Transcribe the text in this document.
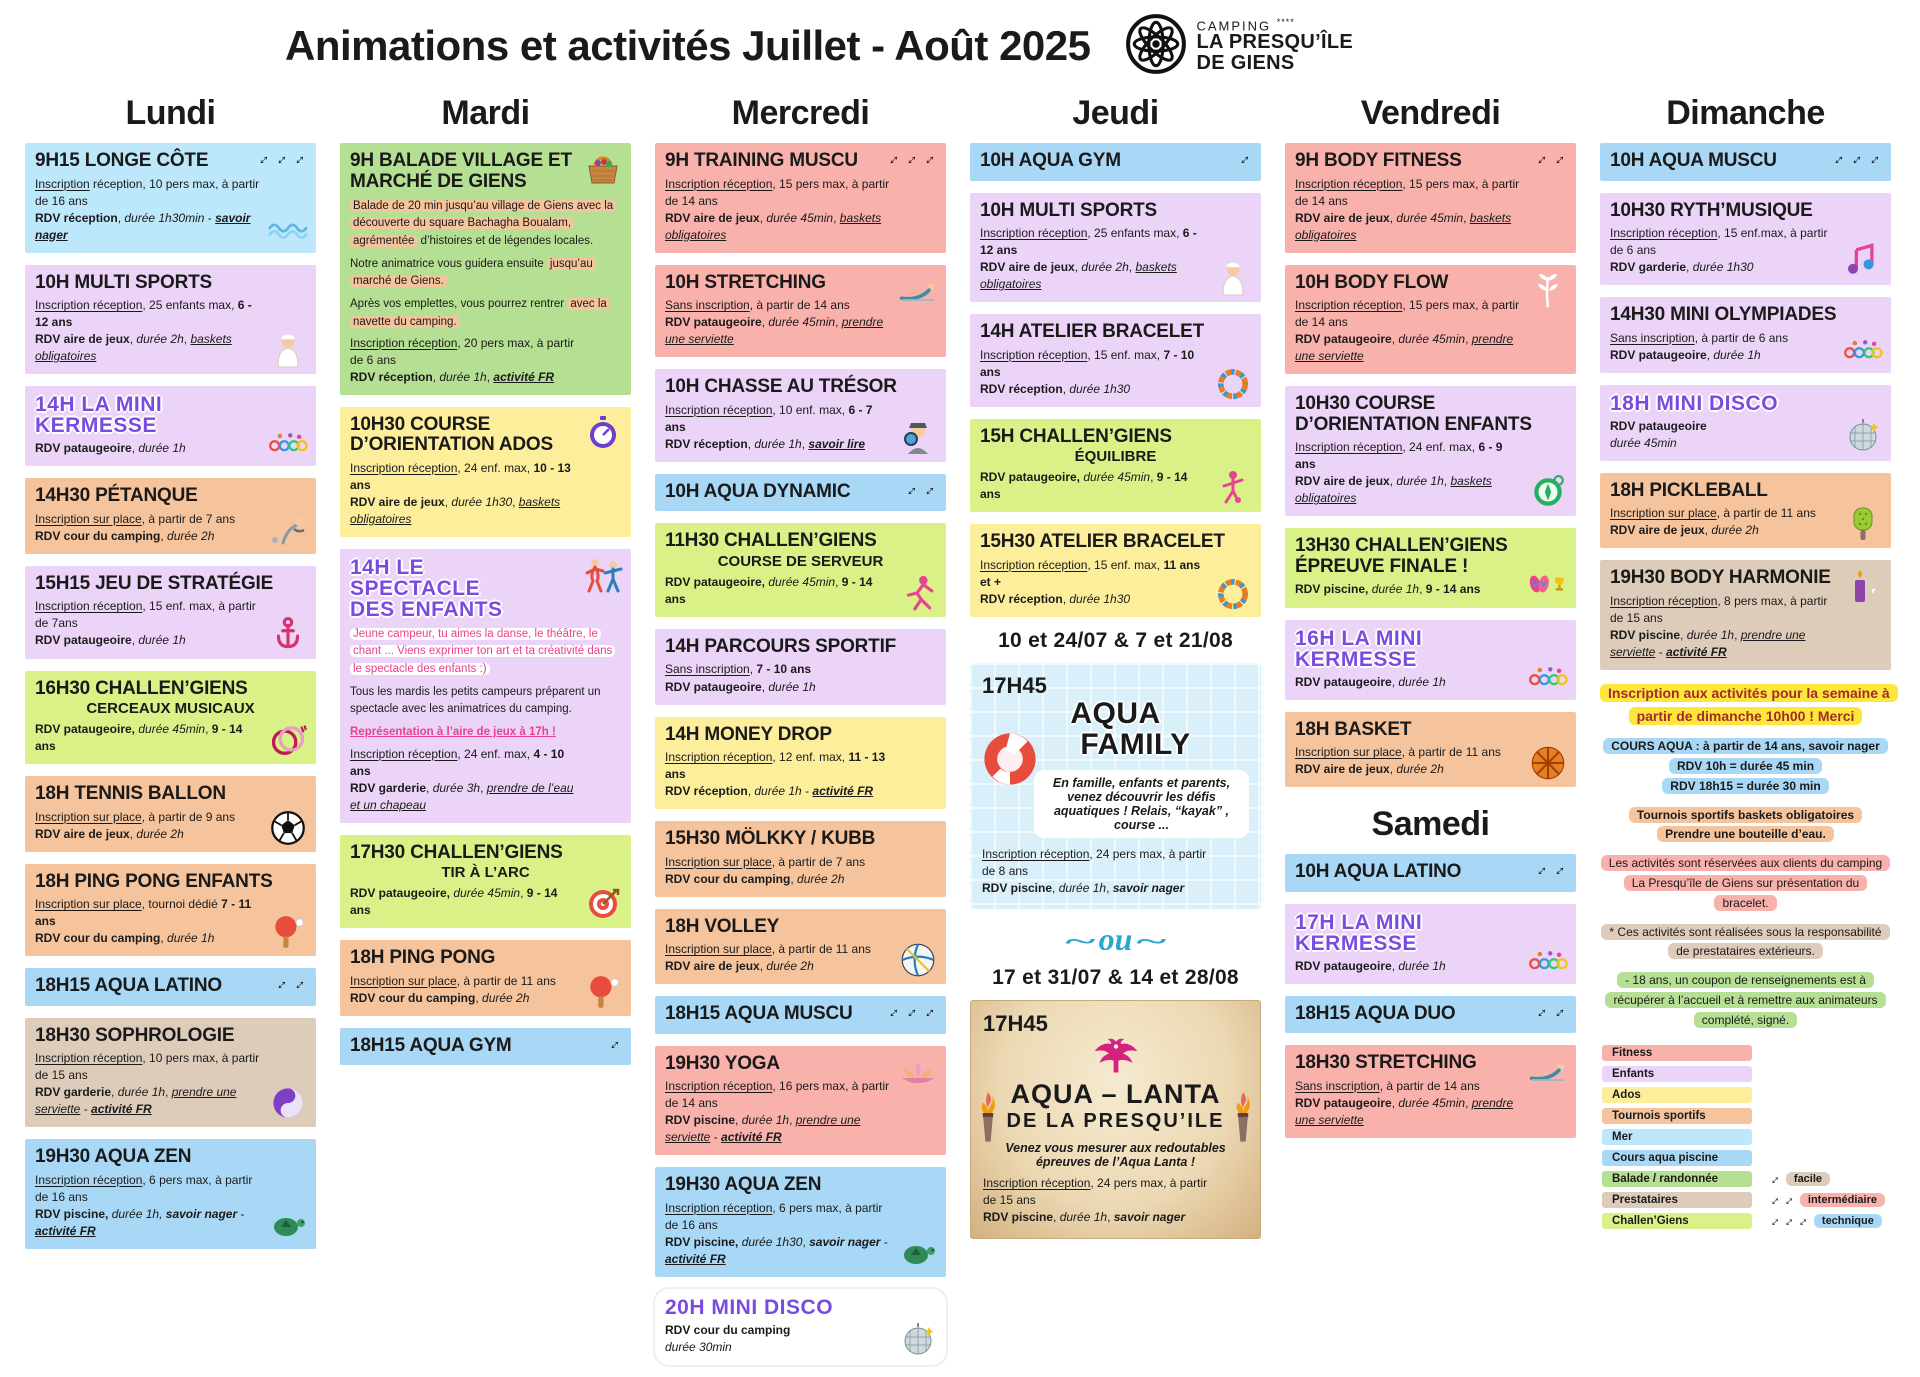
Animations et activités Juillet - Août 2025	CAMPING ****
LA PRESQU’ÎLE
DE GIENS
Lundi
9H15 LONGE CÔTE	↔↔↔
Inscription réception, 10 pers max, à partir de 16 ans
RDV réception, durée 1h30min - savoir nager
10H MULTI SPORTS
Inscription réception, 25 enfants max, 6 - 12 ans
RDV aire de jeux, durée 2h, baskets obligatoires
14H LA MINI KERMESSE
RDV pataugeoire, durée 1h
14H30 PÉTANQUE
Inscription sur place, à partir de 7 ans
RDV cour du camping, durée 2h
15H15 JEU DE STRATÉGIE
Inscription réception, 15 enf. max, à partir de 7ans
RDV pataugeoire, durée 1h
16H30 CHALLEN’GIENS
CERCEAUX MUSICAUX
RDV pataugeoire, durée 45min, 9 - 14 ans
18H TENNIS BALLON
Inscription sur place, à partir de 9 ans
RDV aire de jeux, durée 2h
18H PING PONG ENFANTS
Inscription sur place, tournoi dédié 7 - 11 ans
RDV cour du camping, durée 1h
18H15 AQUA LATINO	↔↔
18H30 SOPHROLOGIE
Inscription réception, 10 pers max, à partir de 15 ans
RDV garderie, durée 1h, prendre une serviette - activité FR
19H30 AQUA ZEN
Inscription réception, 6 pers max, à partir de 16 ans
RDV piscine, durée 1h, savoir nager - activité FR
Mardi
9H BALADE VILLAGE ET MARCHÉ DE GIENS

Balade de 20 min jusqu’au village de Giens avec la découverte du square Bachagha Boualam, agrémentée d’histoires et de légendes locales.

Notre animatrice vous guidera ensuite jusqu’au marché de Giens.

Après vos emplettes, vous pourrez rentrer avec la navette du camping.

Inscription réception, 20 pers max, à partir de 6 ans
RDV réception, durée 1h, activité FR
10H30 COURSE D’ORIENTATION ADOS
Inscription réception, 24 enf. max, 10 - 13 ans
RDV aire de jeux, durée 1h30, baskets obligatoires
14H LE SPECTACLE DES ENFANTS

Jeune campeur, tu aimes la danse, le théâtre, le chant ... Viens exprimer ton art et ta créativité dans le spectacle des enfants :)

Tous les mardis les petits campeurs préparent un spectacle avec les animatrices du camping.

Représentation à l’aire de jeux à 17h !

Inscription réception, 24 enf. max, 4 - 10 ans
RDV garderie, durée 3h, prendre de l’eau et un chapeau
17H30 CHALLEN’GIENS
TIR À L’ARC
RDV pataugeoire, durée 45min, 9 - 14 ans
18H PING PONG
Inscription sur place, à partir de 11 ans
RDV cour du camping, durée 2h
18H15 AQUA GYM	↔
Mercredi
9H TRAINING MUSCU ↔↔↔
Inscription réception, 15 pers max, à partir de 14 ans
RDV aire de jeux, durée 45min, baskets obligatoires
10H STRETCHING
Sans inscription, à partir de 14 ans
RDV pataugeoire, durée 45min, prendre une serviette
10H CHASSE AU TRÉSOR
Inscription réception, 10 enf. max, 6 - 7 ans
RDV réception, durée 1h, savoir lire
10H AQUA DYNAMIC	↔↔
11H30 CHALLEN’GIENS
COURSE DE SERVEUR
RDV pataugeoire, durée 45min, 9 - 14 ans
14H PARCOURS SPORTIF
Sans inscription, 7 - 10 ans
RDV pataugeoire, durée 1h
14H MONEY DROP
Inscription réception, 12 enf. max, 11 - 13 ans
RDV réception, durée 1h - activité FR
15H30 MÖLKKY / KUBB
Inscription sur place, à partir de 7 ans
RDV cour du camping, durée 2h
18H VOLLEY
Inscription sur place, à partir de 11 ans
RDV aire de jeux, durée 2h
18H15 AQUA MUSCU ↔↔↔
19H30 YOGA
Inscription réception, 16 pers max, à partir de 14 ans
RDV piscine, durée 1h, prendre une serviette - activité FR
19H30 AQUA ZEN
Inscription réception, 6 pers max, à partir de 16 ans
RDV piscine, durée 1h30, savoir nager - activité FR
20H MINI DISCO
RDV cour du camping
durée 30min
Jeudi
10H AQUA GYM	↔
10H MULTI SPORTS
Inscription réception, 25 enfants max, 6 - 12 ans
RDV aire de jeux, durée 2h, baskets obligatoires
14H ATELIER BRACELET
Inscription réception, 15 enf. max, 7 - 10 ans
RDV réception, durée 1h30
15H CHALLEN’GIENS
ÉQUILIBRE
RDV pataugeoire, durée 45min, 9 - 14 ans
15H30 ATELIER BRACELET
Inscription réception, 15 enf. max, 11 ans et +
RDV réception, durée 1h30
10 et 24/07 & 7 et 21/08
17H45
AQUA
FAMILY
En famille, enfants et parents, venez découvrir les défis aquatiques ! Relais, “kayak” , course ...
Inscription réception, 24 pers max, à partir de 8 ans
RDV piscine, durée 1h, savoir nager
~ou ~
17 et 31/07 & 14 et 28/08
17H45
AQUA – LANTA
DE LA PRESQU’ILE
Venez vous mesurer aux redoutables épreuves de l’Aqua Lanta !
Inscription réception, 24 pers max, à partir de 15 ans
RDV piscine, durée 1h, savoir nager
Vendredi
9H BODY FITNESS	↔↔
Inscription réception, 15 pers max, à partir de 14 ans
RDV aire de jeux, durée 45min, baskets obligatoires
10H BODY FLOW
Inscription réception, 15 pers max, à partir de 14 ans
RDV pataugeoire, durée 45min, prendre une serviette
10H30 COURSE D’ORIENTATION ENFANTS
Inscription réception, 24 enf. max, 6 - 9 ans
RDV aire de jeux, durée 1h, baskets obligatoires
13H30 CHALLEN’GIENS ÉPREUVE FINALE !
RDV piscine, durée 1h, 9 - 14 ans
16H LA MINI KERMESSE
RDV pataugeoire, durée 1h
18H BASKET
Inscription sur place, à partir de 11 ans
RDV aire de jeux, durée 2h
Samedi
10H AQUA LATINO	↔↔
17H LA MINI KERMESSE
RDV pataugeoire, durée 1h
18H15 AQUA DUO	↔↔
18H30 STRETCHING
Sans inscription, à partir de 14 ans
RDV pataugeoire, durée 45min, prendre une serviette
Dimanche
10H AQUA MUSCU	↔↔↔
10H30 RYTH’MUSIQUE
Inscription réception, 15 enf.max, à partir de 6 ans
RDV garderie, durée 1h30
14H30 MINI OLYMPIADES
Sans inscription, à partir de 6 ans
RDV pataugeoire, durée 1h
18H MINI DISCO
RDV pataugeoire
durée 45min
18H PICKLEBALL
Inscription sur place, à partir de 11 ans
RDV aire de jeux, durée 2h
19H30 BODY HARMONIE
Inscription réception, 8 pers max, à partir de 15 ans
RDV piscine, durée 1h, prendre une serviette - activité FR
Inscription aux activités pour la semaine à partir de dimanche 10h00 ! Merci
COURS AQUA : à partir de 14 ans, savoir nager
RDV 10h = durée 45 min
RDV 18h15 = durée 30 min
Tournois sportifs baskets obligatoires
Prendre une bouteille d’eau.
Les activités sont réservées aux clients du camping La Presqu’île de Giens sur présentation du bracelet.
* Ces activités sont réalisées sous la responsabilité de prestataires extérieurs.
- 18 ans, un coupon de renseignements est à récupérer à l’accueil et à remettre aux animateurs complété, signé.
Fitness
Enfants
Ados
Tournois sportifs
Mer
Cours aqua piscine
Balade / randonnée
Prestataires
Challen’Giens
↔ facile
↔↔ intermédiaire
↔↔↔ technique
